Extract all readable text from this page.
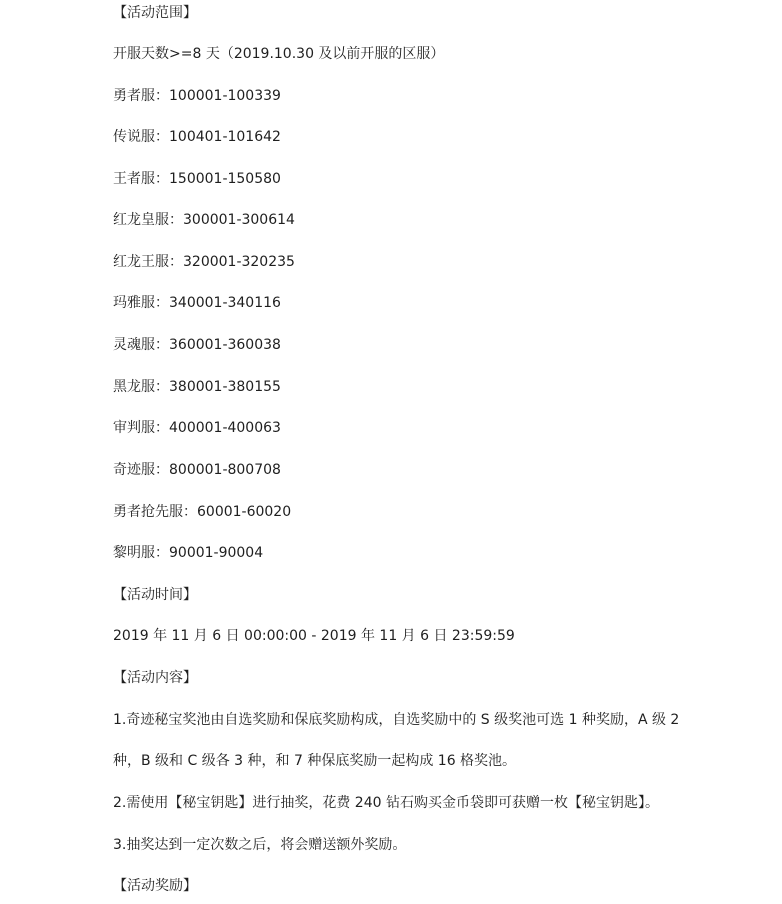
【活动范围】
开服天数>=8 天（2019.10.30 及以前开服的区服）
勇者服：100001-100339
传说服：100401-101642
王者服：150001-150580
红龙皇服：300001-300614
红龙王服：320001-320235
玛雅服：340001-340116
灵魂服：360001-360038
黑龙服：380001-380155
审判服：400001-400063
奇迹服：800001-800708
勇者抢先服：60001-60020
黎明服：90001-90004
【活动时间】
2019 年 11 月 6 日 00:00:00 - 2019 年 11 月 6 日 23:59:59
【活动内容】
1.奇迹秘宝奖池由自选奖励和保底奖励构成，自选奖励中的 S 级奖池可选 1 种奖励，A 级 2
种，B 级和 C 级各 3 种，和 7 种保底奖励一起构成 16 格奖池。
2.需使用【秘宝钥匙】进行抽奖，花费 240 钻石购买金币袋即可获赠一枚【秘宝钥匙】。
3.抽奖达到一定次数之后，将会赠送额外奖励。
【活动奖励】
